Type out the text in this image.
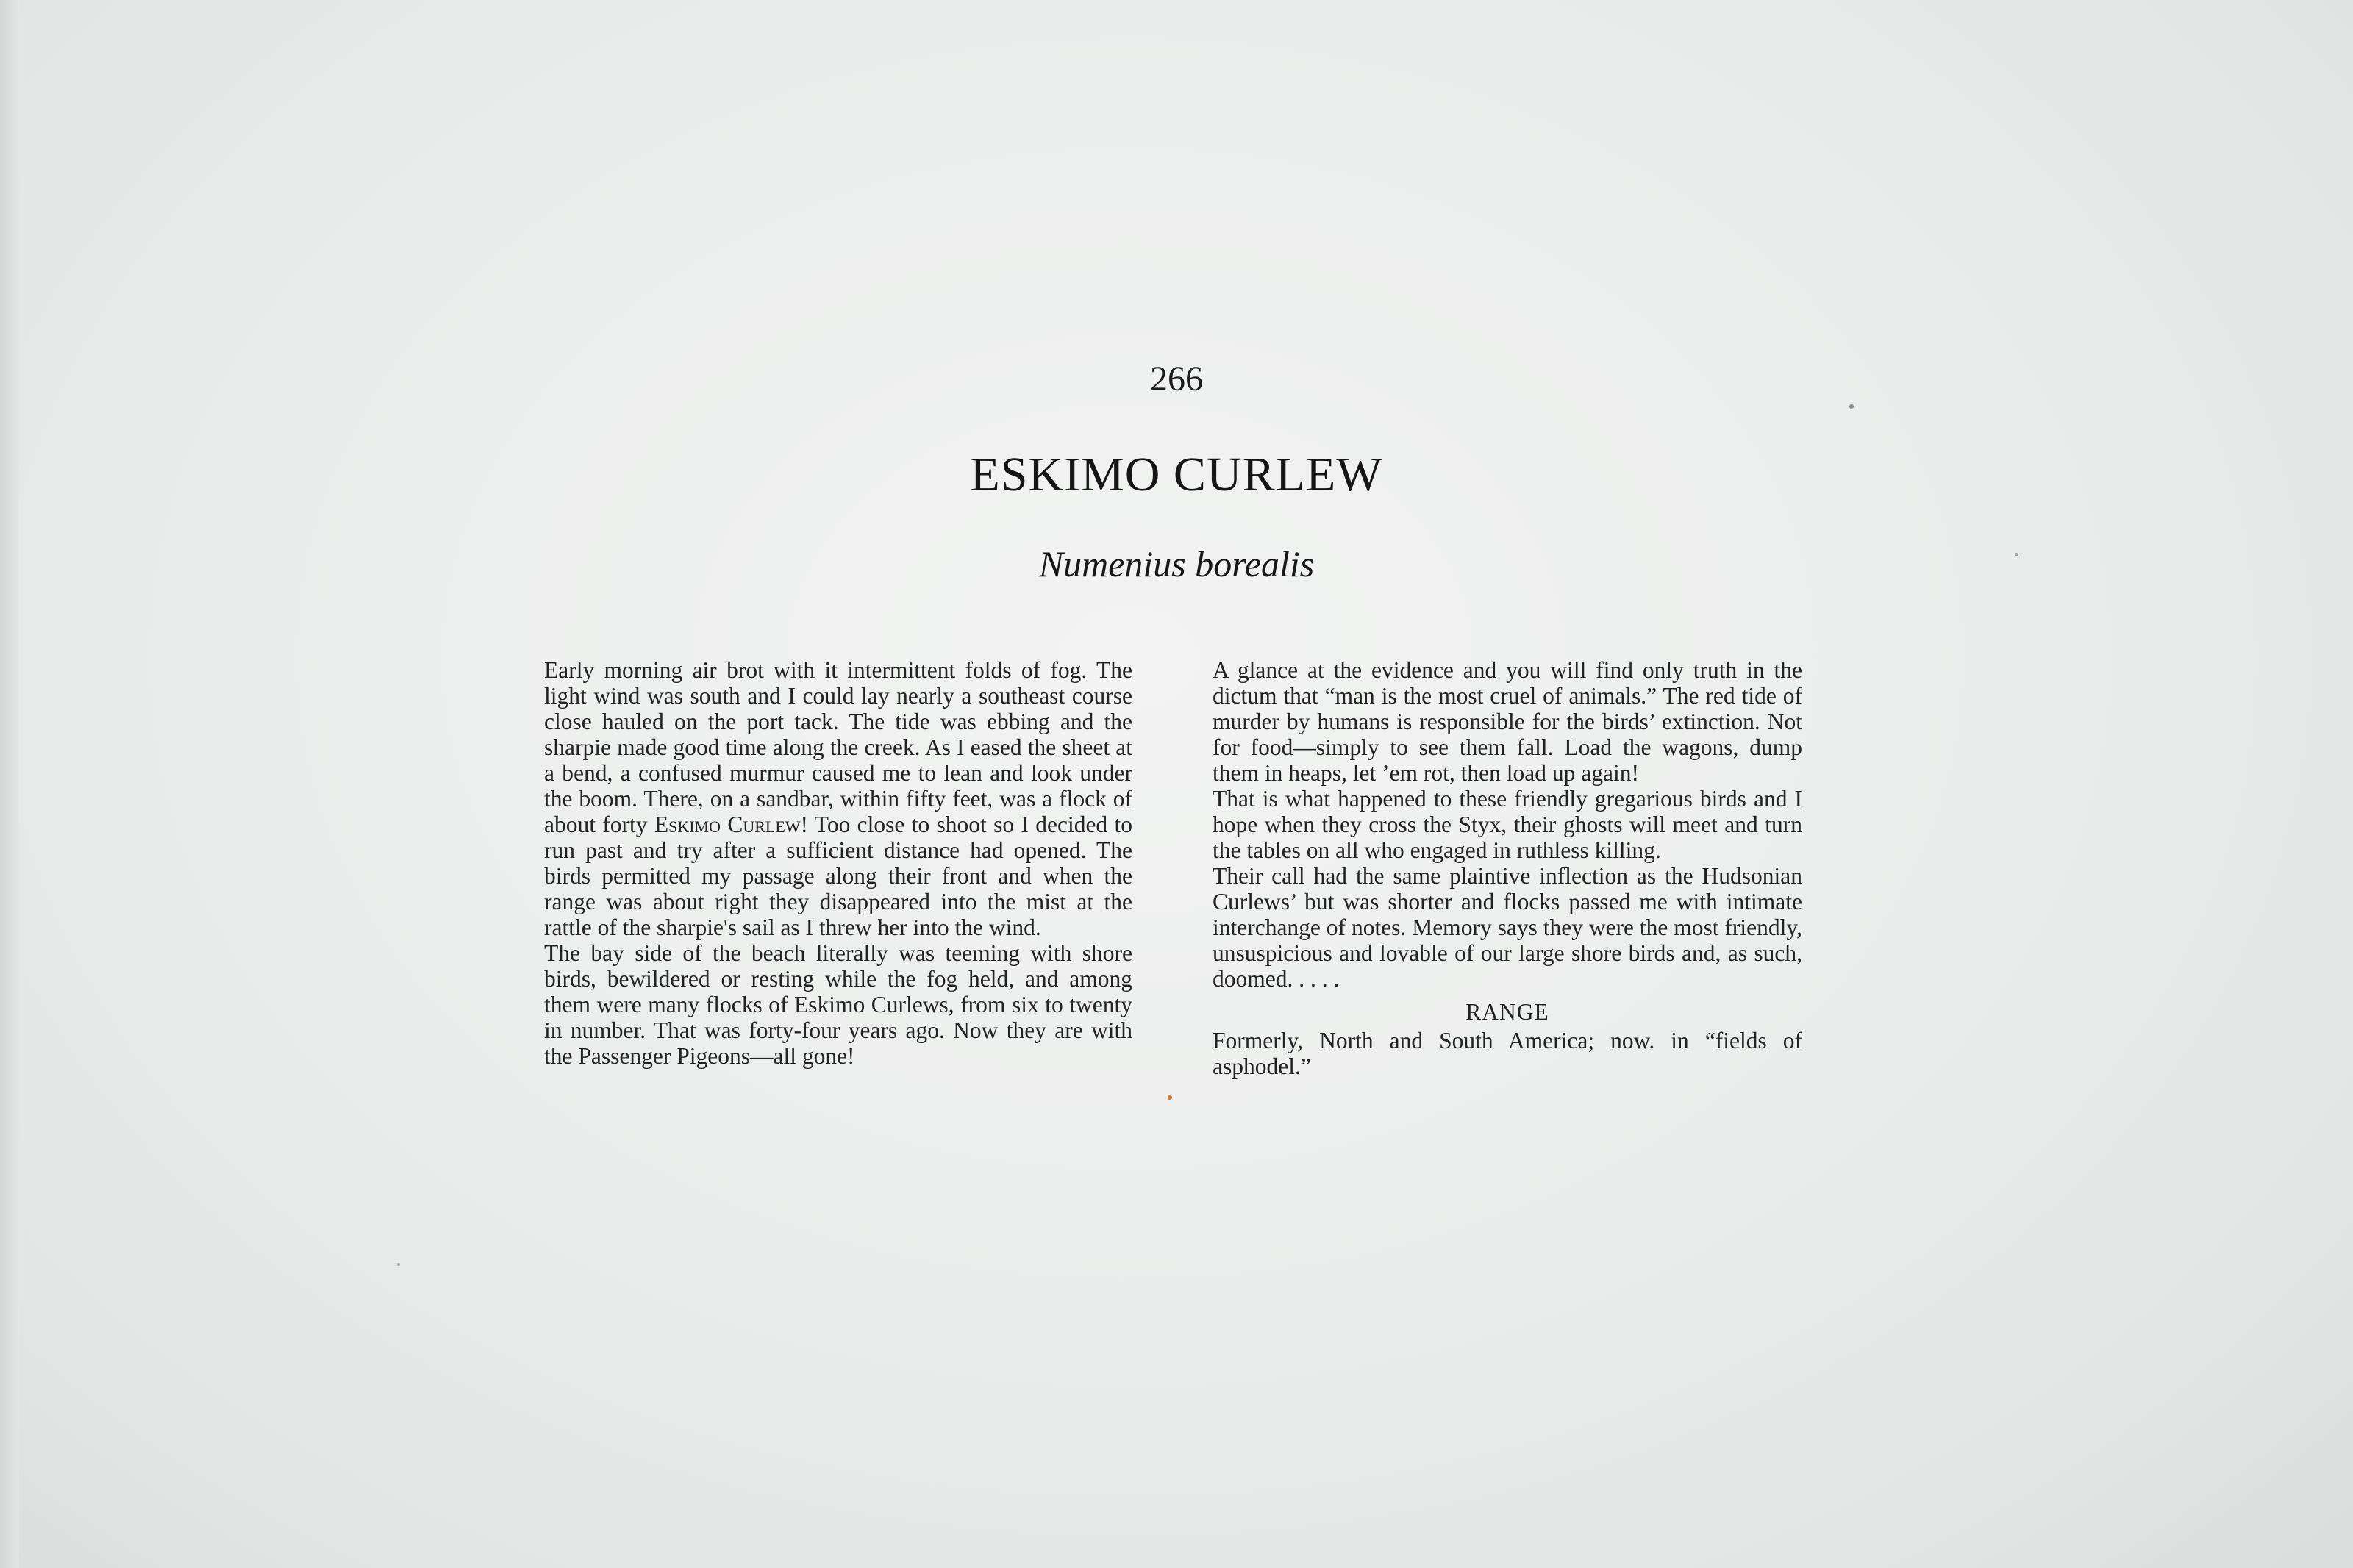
266
ESKIMO CURLEW
Numenius borealis

Early morning air brot with it intermittent folds of fog. The light wind was south and I could lay nearly a southeast course close hauled on the port tack. The tide was ebbing and the sharpie made good time along the creek. As I eased the sheet at a bend, a confused murmur caused me to lean and look under the boom. There, on a sandbar, within fifty feet, was a flock of about forty Eskimo Curlew! Too close to shoot so I decided to run past and try after a sufficient distance had opened. The birds permitted my passage along their front and when the range was about right they disappeared into the mist at the rattle of the sharpie's sail as I threw her into the wind.

The bay side of the beach literally was teeming with shore birds, bewildered or resting while the fog held, and among them were many flocks of Eskimo Curlews, from six to twenty in number. That was forty-four years ago. Now they are with the Passenger Pigeons—all gone!

A glance at the evidence and you will find only truth in the dictum that “man is the most cruel of animals.” The red tide of murder by humans is responsible for the birds’ extinction. Not for food—simply to see them fall. Load the wagons, dump them in heaps, let ’em rot, then load up again!

That is what happened to these friendly gregarious birds and I hope when they cross the Styx, their ghosts will meet and turn the tables on all who engaged in ruthless killing.

Their call had the same plaintive inflection as the Hudsonian Curlews’ but was shorter and flocks passed me with intimate interchange of notes. Memory says they were the most friendly, unsuspicious and lovable of our large shore birds and, as such, doomed. . . . .

RANGE

Formerly, North and South America; now. in “fields of asphodel.”
